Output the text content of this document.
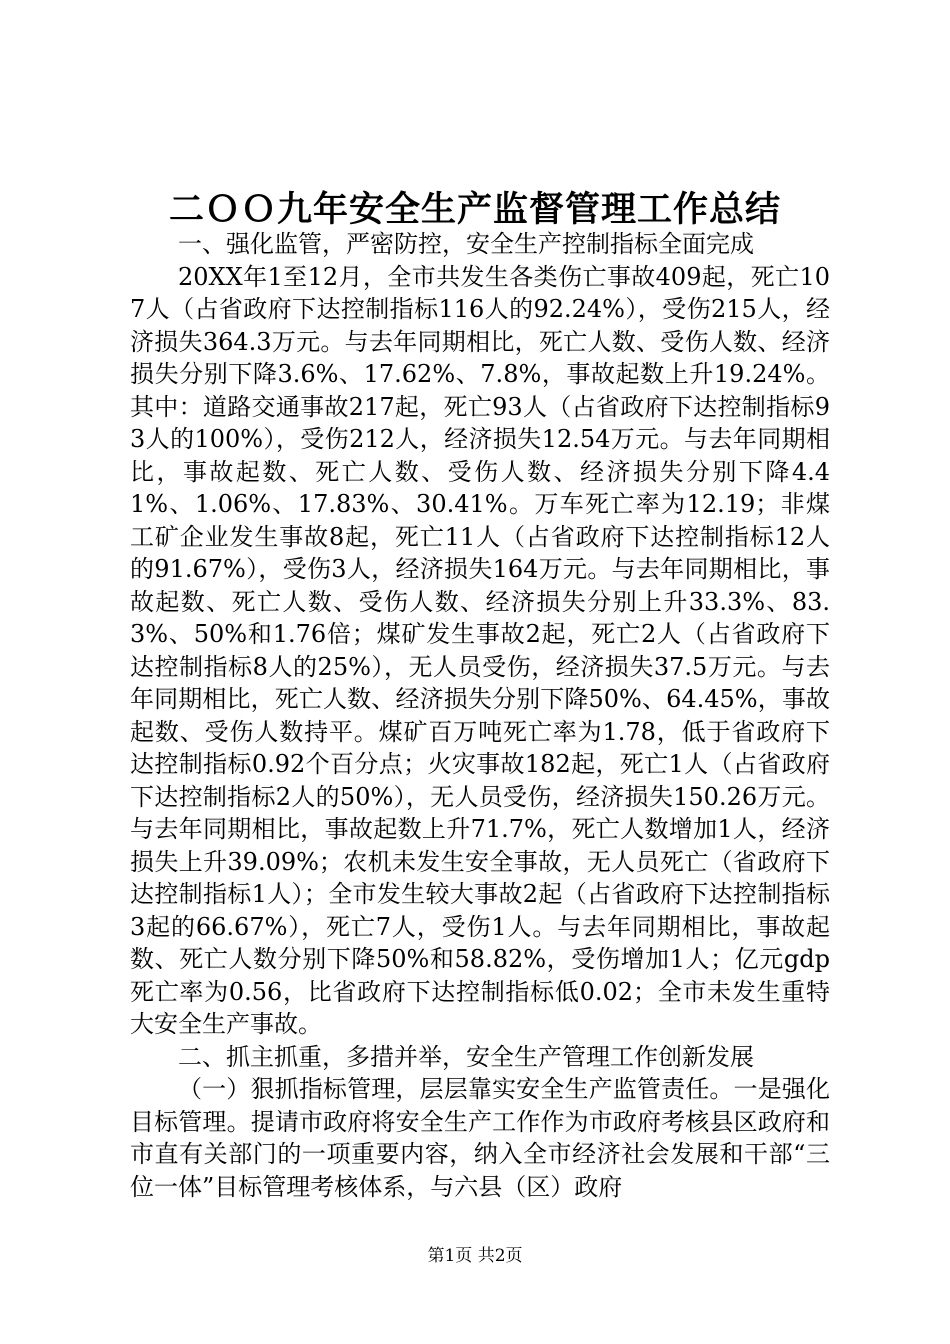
二ＯＯ九年安全生产监督管理工作总结

一、强化监管，严密防控，安全生产控制指标全面完成

20XX年1至12月，全市共发生各类伤亡事故409起，死亡107人（占省政府下达控制指标116人的92.24%），受伤215人，经济损失364.3万元。与去年同期相比，死亡人数、受伤人数、经济损失分别下降3.6%、17.62%、7.8%，事故起数上升19.24%。其中：道路交通事故217起，死亡93人（占省政府下达控制指标93人的100%），受伤212人，经济损失12.54万元。与去年同期相比，事故起数、死亡人数、受伤人数、经济损失分别下降4.41%、1.06%、17.83%、30.41%。万车死亡率为12.19；非煤工矿企业发生事故8起，死亡11人（占省政府下达控制指标12人的91.67%），受伤3人，经济损失164万元。与去年同期相比，事故起数、死亡人数、受伤人数、经济损失分别上升33.3%、83.3%、50%和1.76倍；煤矿发生事故2起，死亡2人（占省政府下达控制指标8人的25%），无人员受伤，经济损失37.5万元。与去年同期相比，死亡人数、经济损失分别下降50%、64.45%，事故起数、受伤人数持平。煤矿百万吨死亡率为1.78，低于省政府下达控制指标0.92个百分点；火灾事故182起，死亡1人（占省政府下达控制指标2人的50%），无人员受伤，经济损失150.26万元。与去年同期相比，事故起数上升71.7%，死亡人数增加1人，经济损失上升39.09%；农机未发生安全事故，无人员死亡（省政府下达控制指标1人）；全市发生较大事故2起（占省政府下达控制指标3起的66.67%），死亡7人，受伤1人。与去年同期相比，事故起数、死亡人数分别下降50%和58.82%，受伤增加1人；亿元gdp死亡率为0.56，比省政府下达控制指标低0.02；全市未发生重特大安全生产事故。

二、抓主抓重，多措并举，安全生产管理工作创新发展

（一）狠抓指标管理，层层靠实安全生产监管责任。一是强化目标管理。提请市政府将安全生产工作作为市政府考核县区政府和市直有关部门的一项重要内容，纳入全市经济社会发展和干部“三位一体”目标管理考核体系，与六县（区）政府

第1页 共2页
